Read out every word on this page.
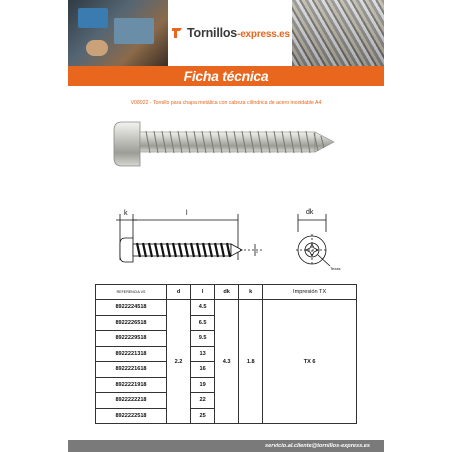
Tornillos-express.es
Ficha técnica
V08922 - Tornillo para chapa metálica con cabeza cilíndrica de acero inoxidable A4
k	l
d
dk
Texas
REFERENCIA VS	d	l	dk	k	Impresión TX
8922224518	2.2	4.5	4.3	1.8	TX 6
8922226518		6.5			
8922229518		9.5			
8922221318		13			
8922221618		16			
8922221918		19			
8922222218		22			
8922222518		25			
servicio.al.cliente@tornillos-express.es
